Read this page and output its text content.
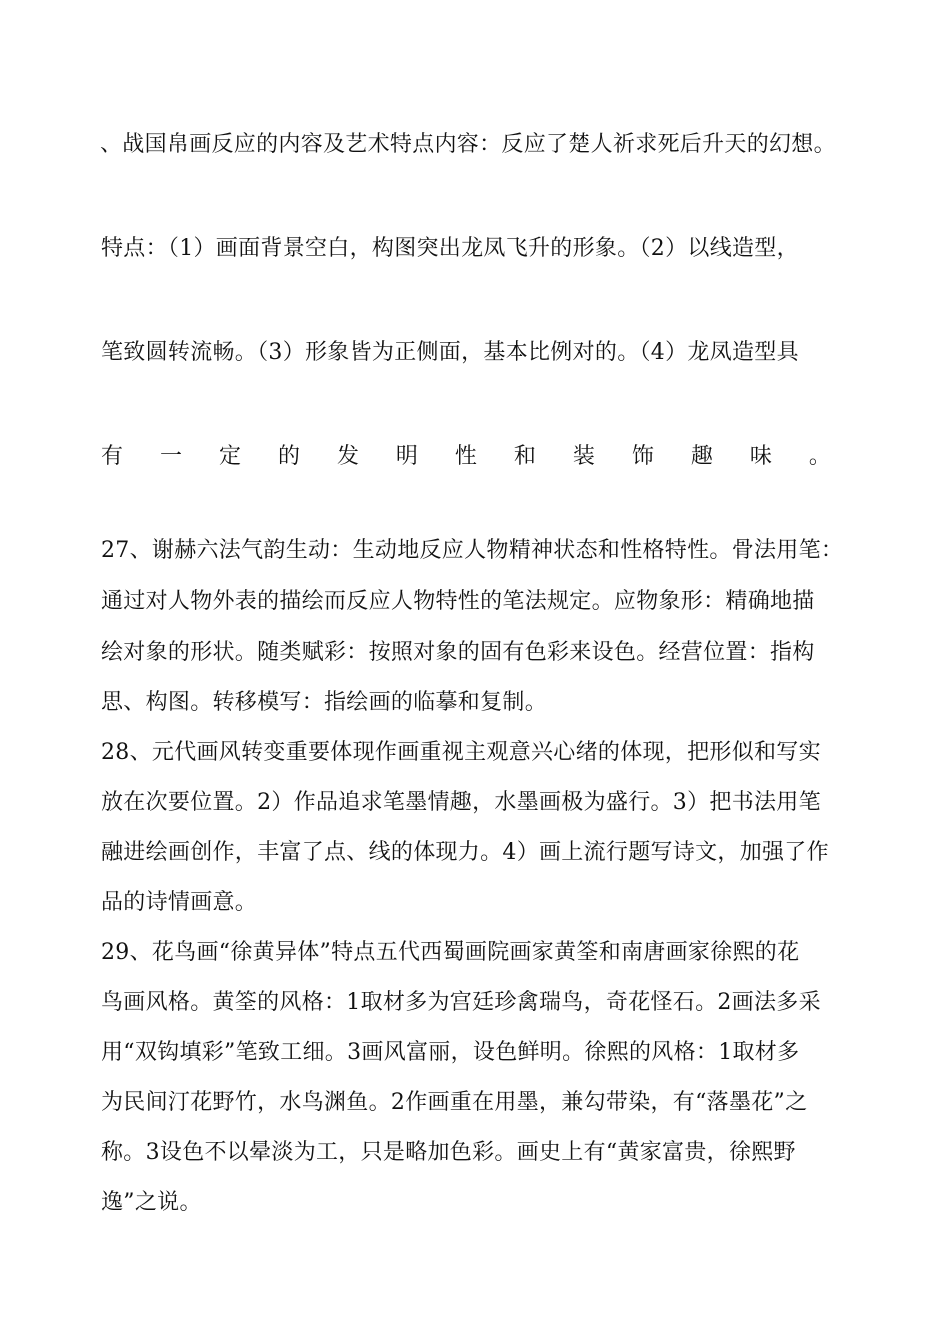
、战国帛画反应的内容及艺术特点内容：反应了楚人祈求死后升天的幻想。
特点：（1）画面背景空白，构图突出龙凤飞升的形象。（2）以线造型，
笔致圆转流畅。（3）形象皆为正侧面，基本比例对的。（4）龙凤造型具
有 一 定 的 发 明 性 和 装 饰 趣 味 。
27、谢赫六法气韵生动：生动地反应人物精神状态和性格特性。骨法用笔：
通过对人物外表的描绘而反应人物特性的笔法规定。应物象形：精确地描
绘对象的形状。随类赋彩：按照对象的固有色彩来设色。经营位置：指构
思、构图。转移模写：指绘画的临摹和复制。
28、元代画风转变重要体现作画重视主观意兴心绪的体现，把形似和写实
放在次要位置。2）作品追求笔墨情趣，水墨画极为盛行。3）把书法用笔
融进绘画创作，丰富了点、线的体现力。4）画上流行题写诗文，加强了作
品的诗情画意。
29、花鸟画“徐黄异体”特点五代西蜀画院画家黄筌和南唐画家徐熙的花
鸟画风格。黄筌的风格：1取材多为宫廷珍禽瑞鸟，奇花怪石。2画法多采
用“双钩填彩”笔致工细。3画风富丽，设色鲜明。徐熙的风格：1取材多
为民间汀花野竹，水鸟渊鱼。2作画重在用墨，兼勾带染，有“落墨花”之
称。3设色不以晕淡为工，只是略加色彩。画史上有“黄家富贵，徐熙野
逸”之说。
